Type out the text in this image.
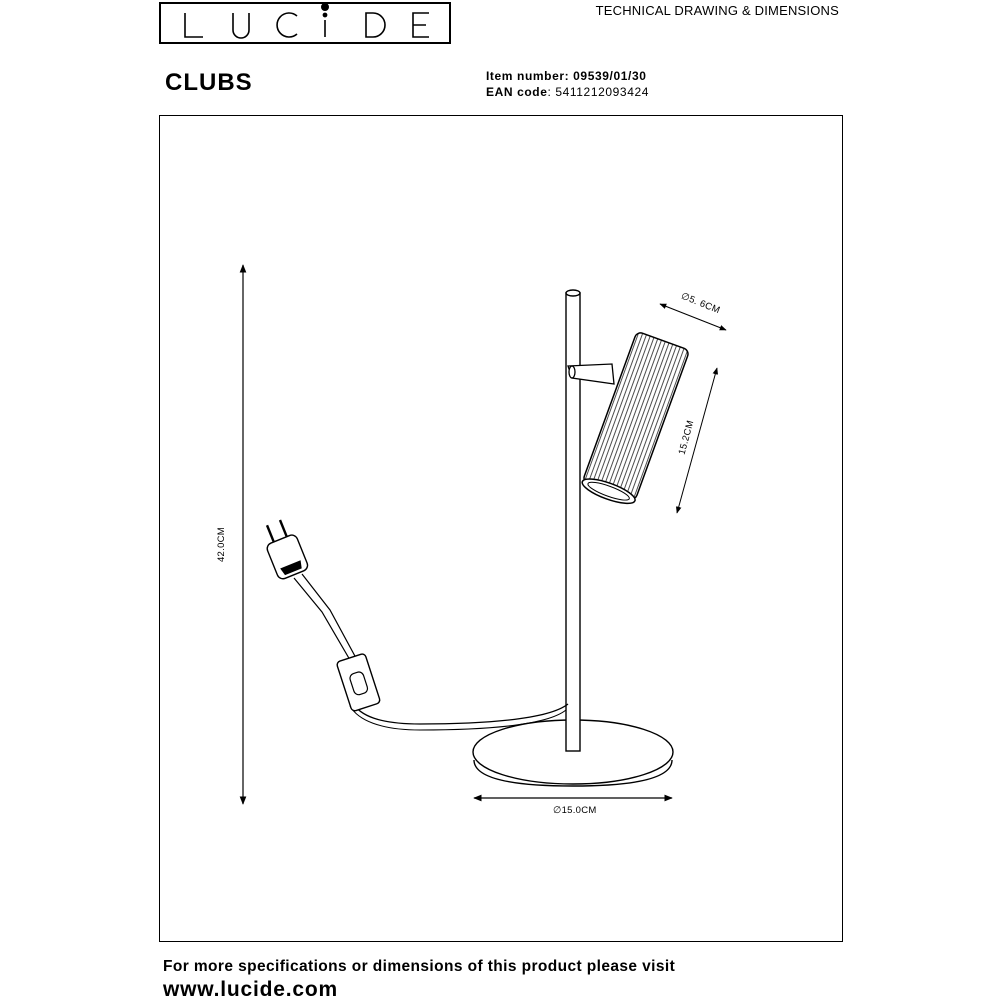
TECHNICAL DRAWING & DIMENSIONS
CLUBS	Item number: 09539/01/30
EAN code: 5411212093424
42.0CM
∅5. 6CM
15.2CM
∅15.0CM
For more specifications or dimensions of this product please visit
www.lucide.com
